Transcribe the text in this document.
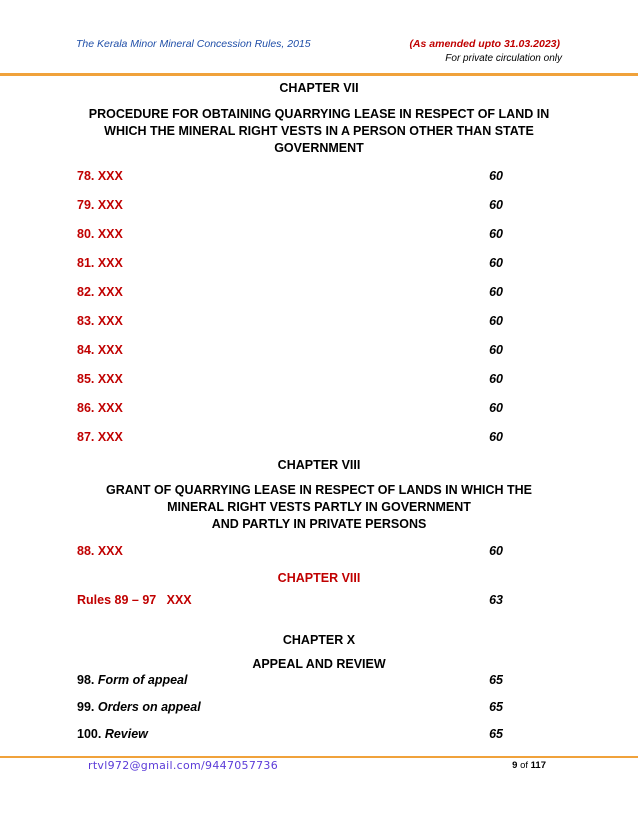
The Kerala Minor Mineral Concession Rules, 2015	(As amended upto 31.03.2023)
For private circulation only
CHAPTER VII
PROCEDURE FOR OBTAINING QUARRYING LEASE IN RESPECT OF LAND IN
WHICH THE MINERAL RIGHT VESTS IN A PERSON OTHER THAN STATE
GOVERNMENT
78. XXX	60
79. XXX	60
80. XXX	60
81. XXX	60
82. XXX	60
83. XXX	60
84. XXX	60
85. XXX	60
86. XXX	60
87. XXX	60
CHAPTER VIII
GRANT OF QUARRYING LEASE IN RESPECT OF LANDS IN WHICH THE
MINERAL RIGHT VESTS PARTLY IN GOVERNMENT
AND PARTLY IN PRIVATE PERSONS
88. XXX	60
CHAPTER VIII
Rules 89 – 97   XXX	63
CHAPTER X
APPEAL AND REVIEW
98. Form of appeal	65
99. Orders on appeal	65
100. Review	65
rtvl972@gmail.com/9447057736	9 of 117
